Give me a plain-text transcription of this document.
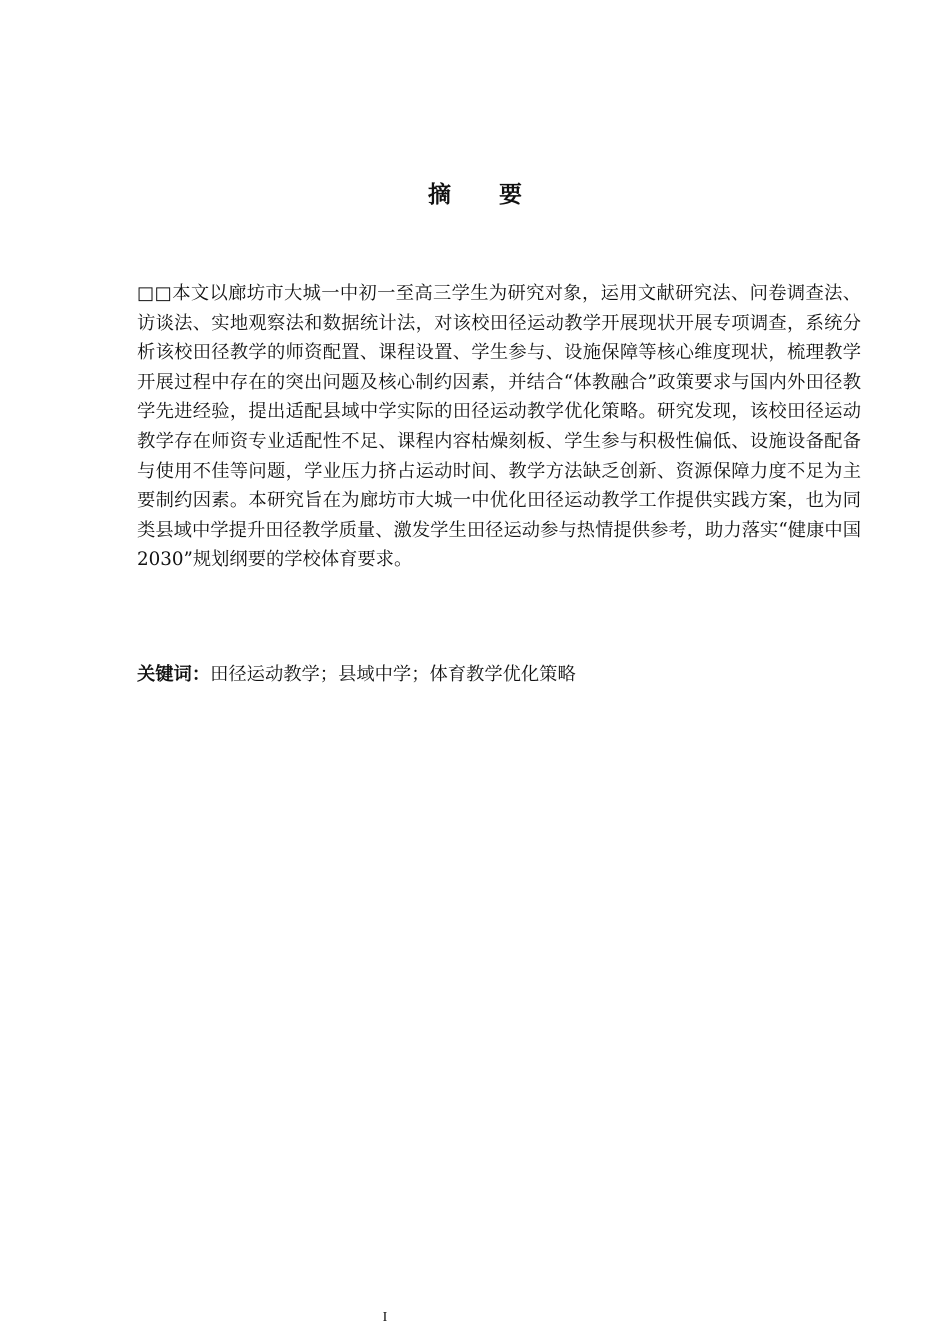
摘 要

□□本文以廊坊市大城一中初一至高三学生为研究对象，运用文献研究法、问卷调查法、访谈法、实地观察法和数据统计法，对该校田径运动教学开展现状开展专项调查，系统分析该校田径教学的师资配置、课程设置、学生参与、设施保障等核心维度现状，梳理教学开展过程中存在的突出问题及核心制约因素，并结合“体教融合”政策要求与国内外田径教学先进经验，提出适配县域中学实际的田径运动教学优化策略。研究发现，该校田径运动教学存在师资专业适配性不足、课程内容枯燥刻板、学生参与积极性偏低、设施设备配备与使用不佳等问题，学业压力挤占运动时间、教学方法缺乏创新、资源保障力度不足为主要制约因素。本研究旨在为廊坊市大城一中优化田径运动教学工作提供实践方案，也为同类县域中学提升田径教学质量、激发学生田径运动参与热情提供参考，助力落实“健康中国2030”规划纲要的学校体育要求。

关键词：田径运动教学；县域中学；体育教学优化策略

I
